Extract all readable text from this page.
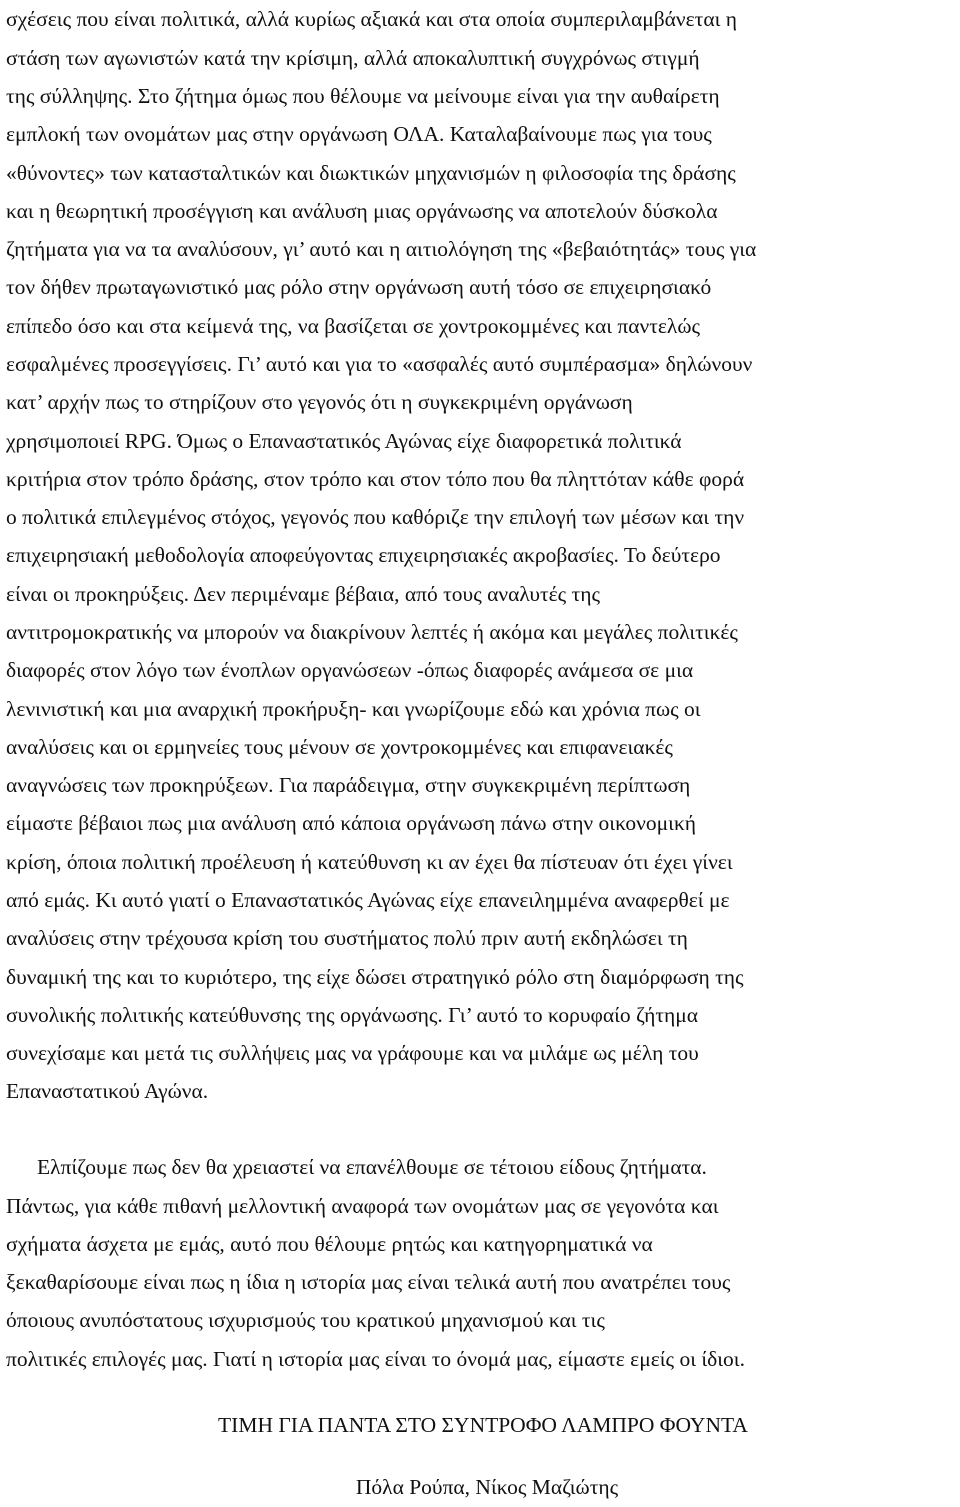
σχέσεις που είναι πολιτικά, αλλά κυρίως αξιακά και στα οποία συμπεριλαμβάνεται η
στάση των αγωνιστών κατά την κρίσιμη, αλλά αποκαλυπτική συγχρόνως στιγμή
της σύλληψης. Στο ζήτημα όμως που θέλουμε να μείνουμε είναι για την αυθαίρετη
εμπλοκή των ονομάτων μας στην οργάνωση ΟΛΑ. Καταλαβαίνουμε πως για τους
«θύνοντες» των κατασταλτικών και διωκτικών μηχανισμών η φιλοσοφία της δράσης
και η θεωρητική προσέγγιση και ανάλυση μιας οργάνωσης να αποτελούν δύσκολα
ζητήματα για να τα αναλύσουν, γι’ αυτό και η αιτιολόγηση της «βεβαιότητάς» τους για
τον δήθεν πρωταγωνιστικό μας ρόλο στην οργάνωση αυτή τόσο σε επιχειρησιακό
επίπεδο όσο και στα κείμενά της, να βασίζεται σε χοντροκομμένες και παντελώς
εσφαλμένες προσεγγίσεις. Γι’ αυτό και για το «ασφαλές αυτό συμπέρασμα» δηλώνουν
κατ’ αρχήν πως το στηρίζουν στο γεγονός ότι η συγκεκριμένη οργάνωση
χρησιμοποιεί RPG. Όμως ο Επαναστατικός Αγώνας είχε διαφορετικά πολιτικά
κριτήρια στον τρόπο δράσης, στον τρόπο και στον τόπο που θα πληττόταν κάθε φορά
ο πολιτικά επιλεγμένος στόχος, γεγονός που καθόριζε την επιλογή των μέσων και την
επιχειρησιακή μεθοδολογία αποφεύγοντας επιχειρησιακές ακροβασίες. Το δεύτερο
είναι οι προκηρύξεις. Δεν περιμέναμε βέβαια, από τους αναλυτές της
αντιτρομοκρατικής να μπορούν να διακρίνουν λεπτές ή ακόμα και μεγάλες πολιτικές
διαφορές στον λόγο των ένοπλων οργανώσεων -όπως διαφορές ανάμεσα σε μια
λενινιστική και μια αναρχική προκήρυξη- και γνωρίζουμε εδώ και χρόνια πως οι
αναλύσεις και οι ερμηνείες τους μένουν σε χοντροκομμένες και επιφανειακές
αναγνώσεις των προκηρύξεων. Για παράδειγμα, στην συγκεκριμένη περίπτωση
είμαστε βέβαιοι πως μια ανάλυση από κάποια οργάνωση πάνω στην οικονομική
κρίση, όποια πολιτική προέλευση ή κατεύθυνση κι αν έχει θα πίστευαν ότι έχει γίνει
από εμάς. Κι αυτό γιατί ο Επαναστατικός Αγώνας είχε επανειλημμένα αναφερθεί με
αναλύσεις στην τρέχουσα κρίση του συστήματος πολύ πριν αυτή εκδηλώσει τη
δυναμική της και το κυριότερο, της είχε δώσει στρατηγικό ρόλο στη διαμόρφωση της
συνολικής πολιτικής κατεύθυνσης της οργάνωσης. Γι’ αυτό το κορυφαίο ζήτημα
συνεχίσαμε και μετά τις συλλήψεις μας να γράφουμε και να μιλάμε ως μέλη του
Επαναστατικού Αγώνα.
Ελπίζουμε πως δεν θα χρειαστεί να επανέλθουμε σε τέτοιου είδους ζητήματα.
Πάντως, για κάθε πιθανή μελλοντική αναφορά των ονομάτων μας σε γεγονότα και
σχήματα άσχετα με εμάς, αυτό που θέλουμε ρητώς και κατηγορηματικά να
ξεκαθαρίσουμε είναι πως η ίδια η ιστορία μας είναι τελικά αυτή που ανατρέπει τους
όποιους ανυπόστατους ισχυρισμούς του κρατικού μηχανισμού και τις
πολιτικές επιλογές μας. Γιατί η ιστορία μας είναι το όνομά μας, είμαστε εμείς οι ίδιοι.
ΤΙΜΗ ΓΙΑ ΠΑΝΤΑ ΣΤΟ ΣΥΝΤΡΟΦΟ ΛΑΜΠΡΟ ΦΟΥΝΤΑ
Πόλα Ρούπα, Νίκος Μαζιώτης
